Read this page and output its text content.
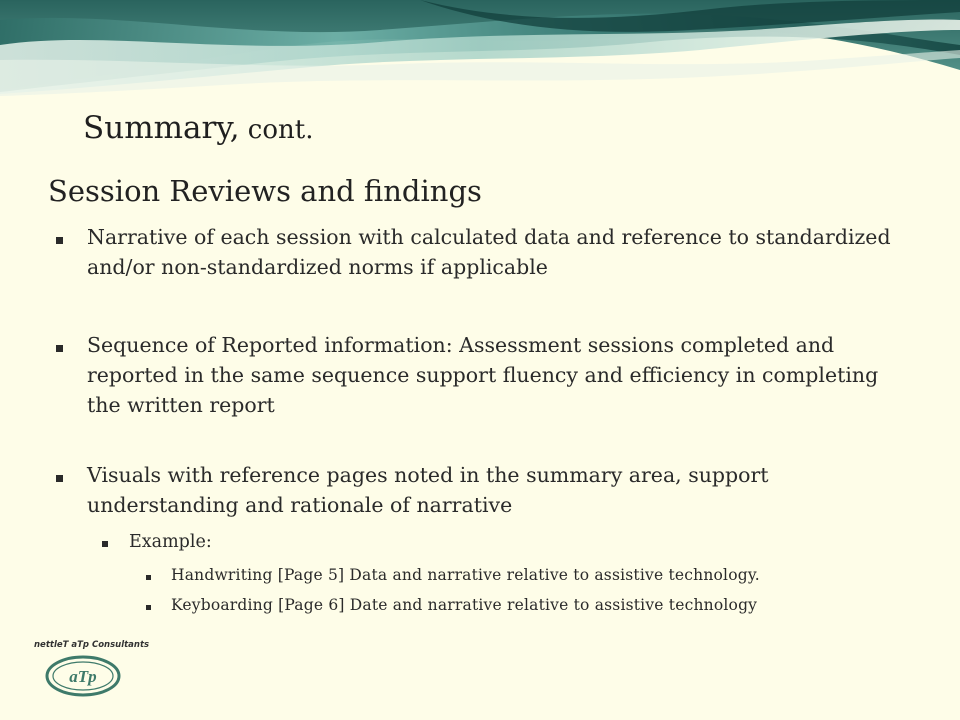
Summary, cont.
Session Reviews and findings
Narrative of each session with calculated data and reference to standardized and/or non-standardized norms if applicable
Sequence of Reported information: Assessment sessions completed and reported in the same sequence support fluency and efficiency in completing the written report
Visuals with reference pages noted in the summary area, support understanding and rationale of narrative
Example:
Handwriting [Page 5] Data and narrative relative to assistive technology.
Keyboarding [Page 6] Date and narrative relative to assistive technology
nettleT aTp Consultants
aTp
